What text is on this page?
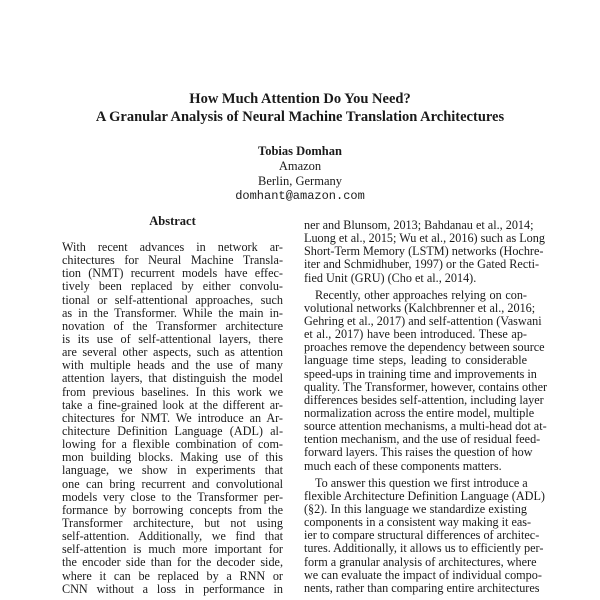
How Much Attention Do You Need?
A Granular Analysis of Neural Machine Translation Architectures
Tobias Domhan
Amazon
Berlin, Germany
domhant@amazon.com
Abstract
With recent advances in network ar-
chitectures for Neural Machine Transla-
tion (NMT) recurrent models have effec-
tively been replaced by either convolu-
tional or self-attentional approaches, such
as in the Transformer. While the main in-
novation of the Transformer architecture
is its use of self-attentional layers, there
are several other aspects, such as attention
with multiple heads and the use of many
attention layers, that distinguish the model
from previous baselines. In this work we
take a fine-grained look at the different ar-
chitectures for NMT. We introduce an Ar-
chitecture Definition Language (ADL) al-
lowing for a flexible combination of com-
mon building blocks. Making use of this
language, we show in experiments that
one can bring recurrent and convolutional
models very close to the Transformer per-
formance by borrowing concepts from the
Transformer architecture, but not using
self-attention. Additionally, we find that
self-attention is much more important for
the encoder side than for the decoder side,
where it can be replaced by a RNN or
CNN without a loss in performance in
ner and Blunsom, 2013; Bahdanau et al., 2014;
Luong et al., 2015; Wu et al., 2016) such as Long
Short-Term Memory (LSTM) networks (Hochre-
iter and Schmidhuber, 1997) or the Gated Recti-
fied Unit (GRU) (Cho et al., 2014).
Recently, other approaches relying on con-
volutional networks (Kalchbrenner et al., 2016;
Gehring et al., 2017) and self-attention (Vaswani
et al., 2017) have been introduced. These ap-
proaches remove the dependency between source
language time steps, leading to considerable
speed-ups in training time and improvements in
quality. The Transformer, however, contains other
differences besides self-attention, including layer
normalization across the entire model, multiple
source attention mechanisms, a multi-head dot at-
tention mechanism, and the use of residual feed-
forward layers. This raises the question of how
much each of these components matters.
To answer this question we first introduce a
flexible Architecture Definition Language (ADL)
(§2). In this language we standardize existing
components in a consistent way making it eas-
ier to compare structural differences of architec-
tures. Additionally, it allows us to efficiently per-
form a granular analysis of architectures, where
we can evaluate the impact of individual compo-
nents, rather than comparing entire architectures
